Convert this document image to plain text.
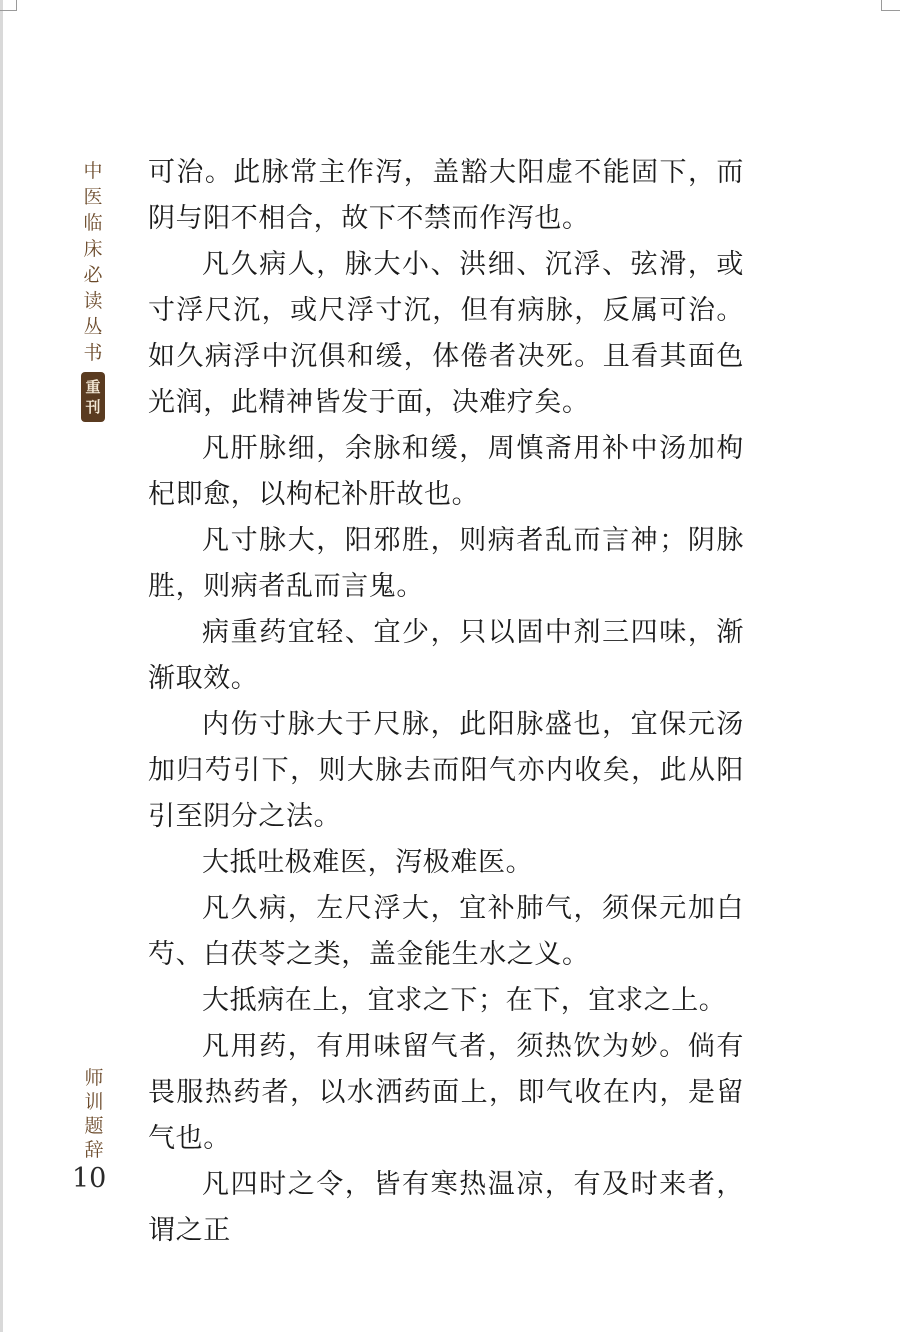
中
医
临
床
必
读
丛
书
重
刊
师
训
题
辞
10

可治。此脉常主作泻，盖豁大阳虚不能固下，而阴与阳不相合，故下不禁而作泻也。

凡久病人，脉大小、洪细、沉浮、弦滑，或寸浮尺沉，或尺浮寸沉，但有病脉，反属可治。如久病浮中沉俱和缓，体倦者决死。且看其面色光润，此精神皆发于面，决难疗矣。

凡肝脉细，余脉和缓，周慎斋用补中汤加枸杞即愈，以枸杞补肝故也。

凡寸脉大，阳邪胜，则病者乱而言神；阴脉胜，则病者乱而言鬼。

病重药宜轻、宜少，只以固中剂三四味，渐渐取效。

内伤寸脉大于尺脉，此阳脉盛也，宜保元汤加归芍引下，则大脉去而阳气亦内收矣，此从阳引至阴分之法。

大抵吐极难医，泻极难医。

凡久病，左尺浮大，宜补肺气，须保元加白芍、白茯苓之类，盖金能生水之义。

大抵病在上，宜求之下；在下，宜求之上。

凡用药，有用味留气者，须热饮为妙。倘有畏服热药者，以水洒药面上，即气收在内，是留气也。

凡四时之令，皆有寒热温凉，有及时来者，谓之正
